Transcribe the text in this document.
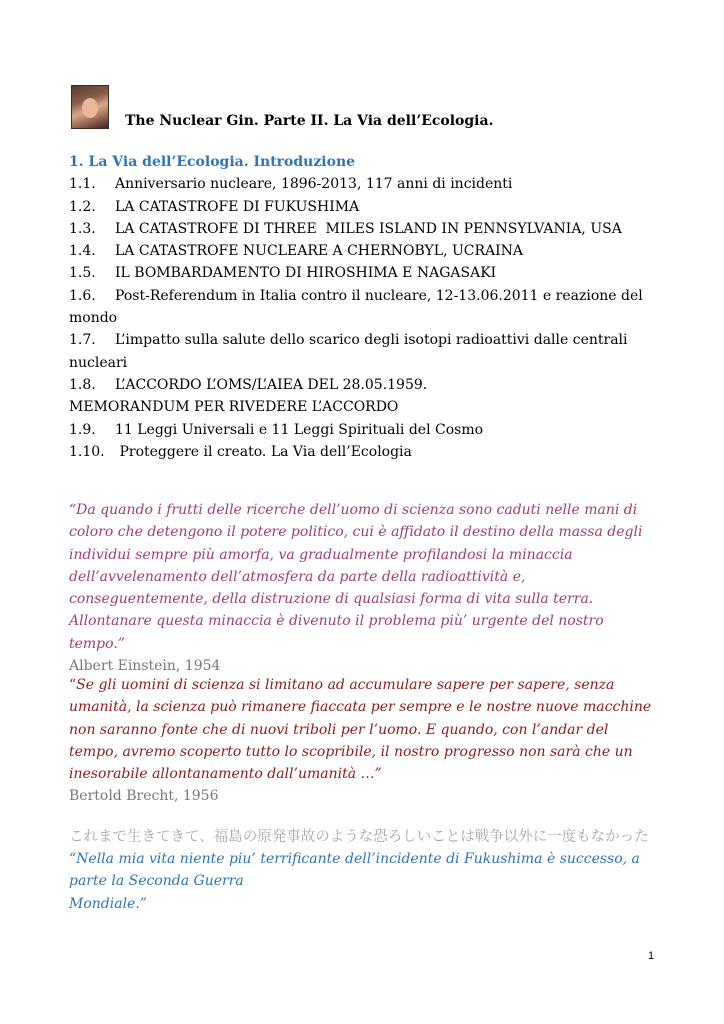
The Nuclear Gin. Parte II. La Via dell’Ecologia.
1. La Via dell’Ecologia. Introduzione
1.1. Anniversario nucleare, 1896-2013, 117 anni di incidenti
1.2. LA CATASTROFE DI FUKUSHIMA
1.3. LA CATASTROFE DI THREE  MILES ISLAND IN PENNSYLVANIA, USA
1.4. LA CATASTROFE NUCLEARE A CHERNOBYL, UCRAINA
1.5. IL BOMBARDAMENTO DI HIROSHIMA E NAGASAKI
1.6. Post-Referendum in Italia contro il nucleare, 12-13.06.2011 e reazione del mondo
1.7. L’impatto sulla salute dello scarico degli isotopi radioattivi dalle centrali nucleari
1.8. L’ACCORDO L’OMS/L’AIEA DEL 28.05.1959.
MEMORANDUM PER RIVEDERE L’ACCORDO
1.9. 11 Leggi Universali e 11 Leggi Spirituali del Cosmo
1.10. Proteggere il creato. La Via dell’Ecologia
“Da quando i frutti delle ricerche dell’uomo di scienza sono caduti nelle mani di coloro che detengono il potere politico, cui è affidato il destino della massa degli individui sempre più amorfa, va gradualmente profilandosi la minaccia dell’avvelenamento dell’atmosfera da parte della radioattività e, conseguentemente, della distruzione di qualsiasi forma di vita sulla terra. Allontanare questa minaccia è divenuto il problema più’ urgente del nostro tempo.”
Albert Einstein, 1954
“Se gli uomini di scienza si limitano ad accumulare sapere per sapere, senza umanità, la scienza può rimanere fiaccata per sempre e le nostre nuove macchine non saranno fonte che di nuovi triboli per l’uomo. E quando, con l’andar del tempo, avremo scoperto tutto lo scopribile, il nostro progresso non sarà che un inesorabile allontanamento dall’umanità …”
Bertold Brecht, 1956
これまで生きてきて、福島の原発事故のような恐ろしいことは戦争以外に一度もなかった
“Nella mia vita niente piu’ terrificante dell’incidente di Fukushima è successo, a
parte la Seconda Guerra
Mondiale.”
1
